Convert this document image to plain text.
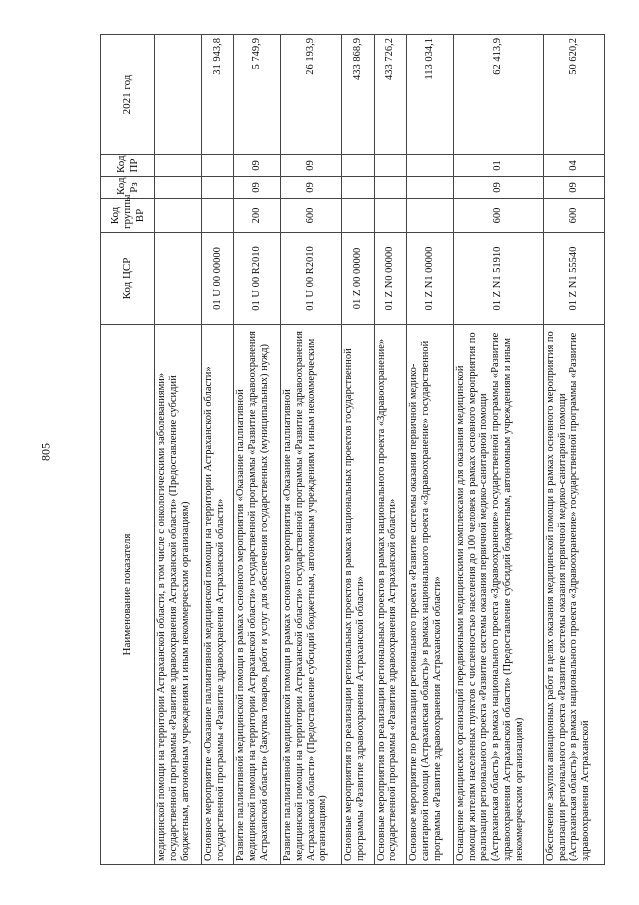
805
Наименование показателя	Код ЦСР	Код группы ВР	Код Рз	Код ПР	2021 год
медицинской помощи на территории Астраханской области, в том числе с онкологическими заболеваниями» государственной программы «Развитие здравоохранения Астраханской области» (Предоставление субсидий бюджетным, автономным учреждениям и иным некоммерческим организациям)					
Основное мероприятие «Оказание паллиативной медицинской помощи на территории Астраханской области» государственной программы «Развитие здравоохранения Астраханской области»	01 U 00 00000				31 943,8
Развитие паллиативной медицинской помощи в рамках основного мероприятия «Оказание паллиативной медицинской помощи на территории Астраханской области» государственной программы «Развитие здравоохранения Астраханской области» (Закупка товаров, работ и услуг для обеспечения государственных (муниципальных) нужд)	01 U 00 R2010	200	09	09	5 749,9
Развитие паллиативной медицинской помощи в рамках основного мероприятия «Оказание паллиативной медицинской помощи на территории Астраханской области» государственной программы «Развитие здравоохранения Астраханской области» (Предоставление субсидий бюджетным, автономным учреждениям и иным некоммерческим организациям)	01 U 00 R2010	600	09	09	26 193,9
Основные мероприятия по реализации региональных проектов в рамках национальных проектов государственной программы «Развитие здравоохранения Астраханской области»	01 Z 00 00000				433 868,9
Основные мероприятия по реализации региональных проектов в рамках национального проекта «Здравоохранение» государственной программы «Развитие здравоохранения Астраханской области»	01 Z N0 00000				433 726,2
Основное мероприятие по реализации регионального проекта «Развитие системы оказания первичной медико-санитарной помощи (Астраханская область)» в рамках национального проекта «Здравоохранение» государственной программы «Развитие здравоохранения Астраханской области»	01 Z N1 00000				113 034,1
Оснащение медицинских организаций передвижными медицинскими комплексами для оказания медицинской помощи жителям населенных пунктов с численностью населения до 100 человек в рамках основного мероприятия по реализации регионального проекта «Развитие системы оказания первичной медико-санитарной помощи (Астраханская область)» в рамках национального проекта «Здравоохранение» государственной программы «Развитие здравоохранения Астраханской области» (Предоставление субсидий бюджетным, автономным учреждениям и иным некоммерческим организациям)	01 Z N1 51910	600	09	01	62 413,9
Обеспечение закупки авиационных работ в целях оказания медицинской помощи в рамках основного мероприятия по реализации регионального проекта «Развитие системы оказания первичной медико-санитарной помощи (Астраханская область)» в рамках национального проекта «Здравоохранение» государственной программы «Развитие здравоохранения Астраханской	01 Z N1 55540	600	09	04	50 620,2
